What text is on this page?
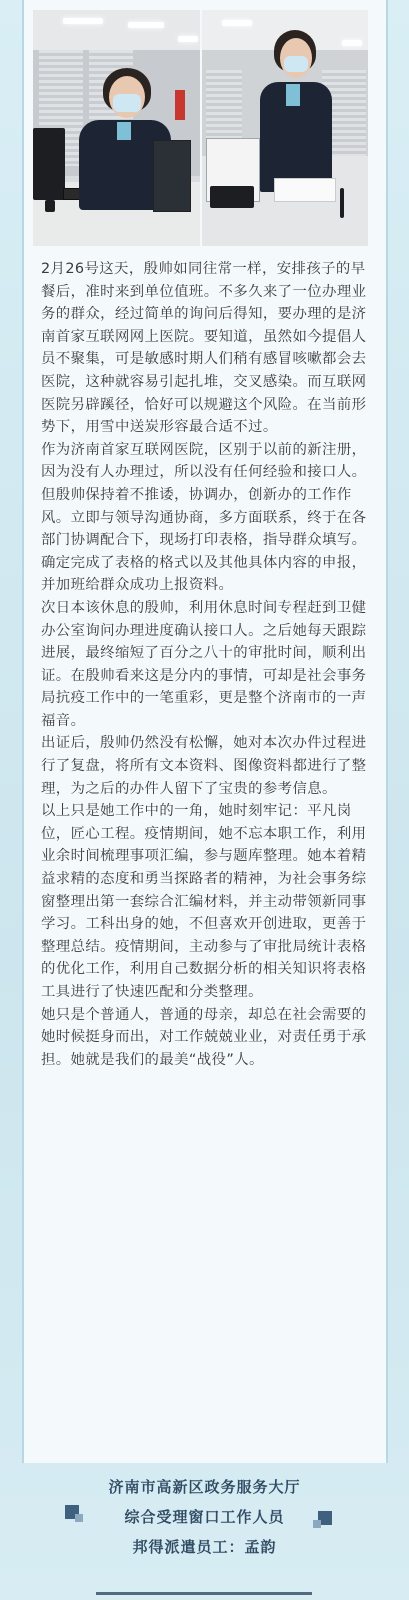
2月26号这天，殷帅如同往常一样，安排孩子的早餐后，准时来到单位值班。不多久来了一位办理业务的群众，经过简单的询问后得知，要办理的是济南首家互联网网上医院。要知道，虽然如今提倡人员不聚集，可是敏感时期人们稍有感冒咳嗽都会去医院，这种就容易引起扎堆，交叉感染。而互联网医院另辟蹊径，恰好可以规避这个风险。在当前形势下，用雪中送炭形容最合适不过。

作为济南首家互联网医院，区别于以前的新注册，因为没有人办理过，所以没有任何经验和接口人。但殷帅保持着不推诿，协调办，创新办的工作作风。立即与领导沟通协商，多方面联系，终于在各部门协调配合下，现场打印表格，指导群众填写。确定完成了表格的格式以及其他具体内容的申报，并加班给群众成功上报资料。

次日本该休息的殷帅，利用休息时间专程赶到卫健办公室询问办理进度确认接口人。之后她每天跟踪进展，最终缩短了百分之八十的审批时间，顺利出证。在殷帅看来这是分内的事情，可却是社会事务局抗疫工作中的一笔重彩，更是整个济南市的一声福音。

出证后，殷帅仍然没有松懈，她对本次办件过程进行了复盘，将所有文本资料、图像资料都进行了整理，为之后的办件人留下了宝贵的参考信息。

以上只是她工作中的一角，她时刻牢记：平凡岗位，匠心工程。疫情期间，她不忘本职工作，利用业余时间梳理事项汇编，参与题库整理。她本着精益求精的态度和勇当探路者的精神，为社会事务综窗整理出第一套综合汇编材料，并主动带领新同事学习。工科出身的她，不但喜欢开创进取，更善于整理总结。疫情期间，主动参与了审批局统计表格的优化工作，利用自己数据分析的相关知识将表格工具进行了快速匹配和分类整理。

她只是个普通人，普通的母亲，却总在社会需要的她时候挺身而出，对工作兢兢业业，对责任勇于承担。她就是我们的最美“战役”人。

济南市高新区政务服务大厅
综合受理窗口工作人员
邦得派遣员工：孟韵
